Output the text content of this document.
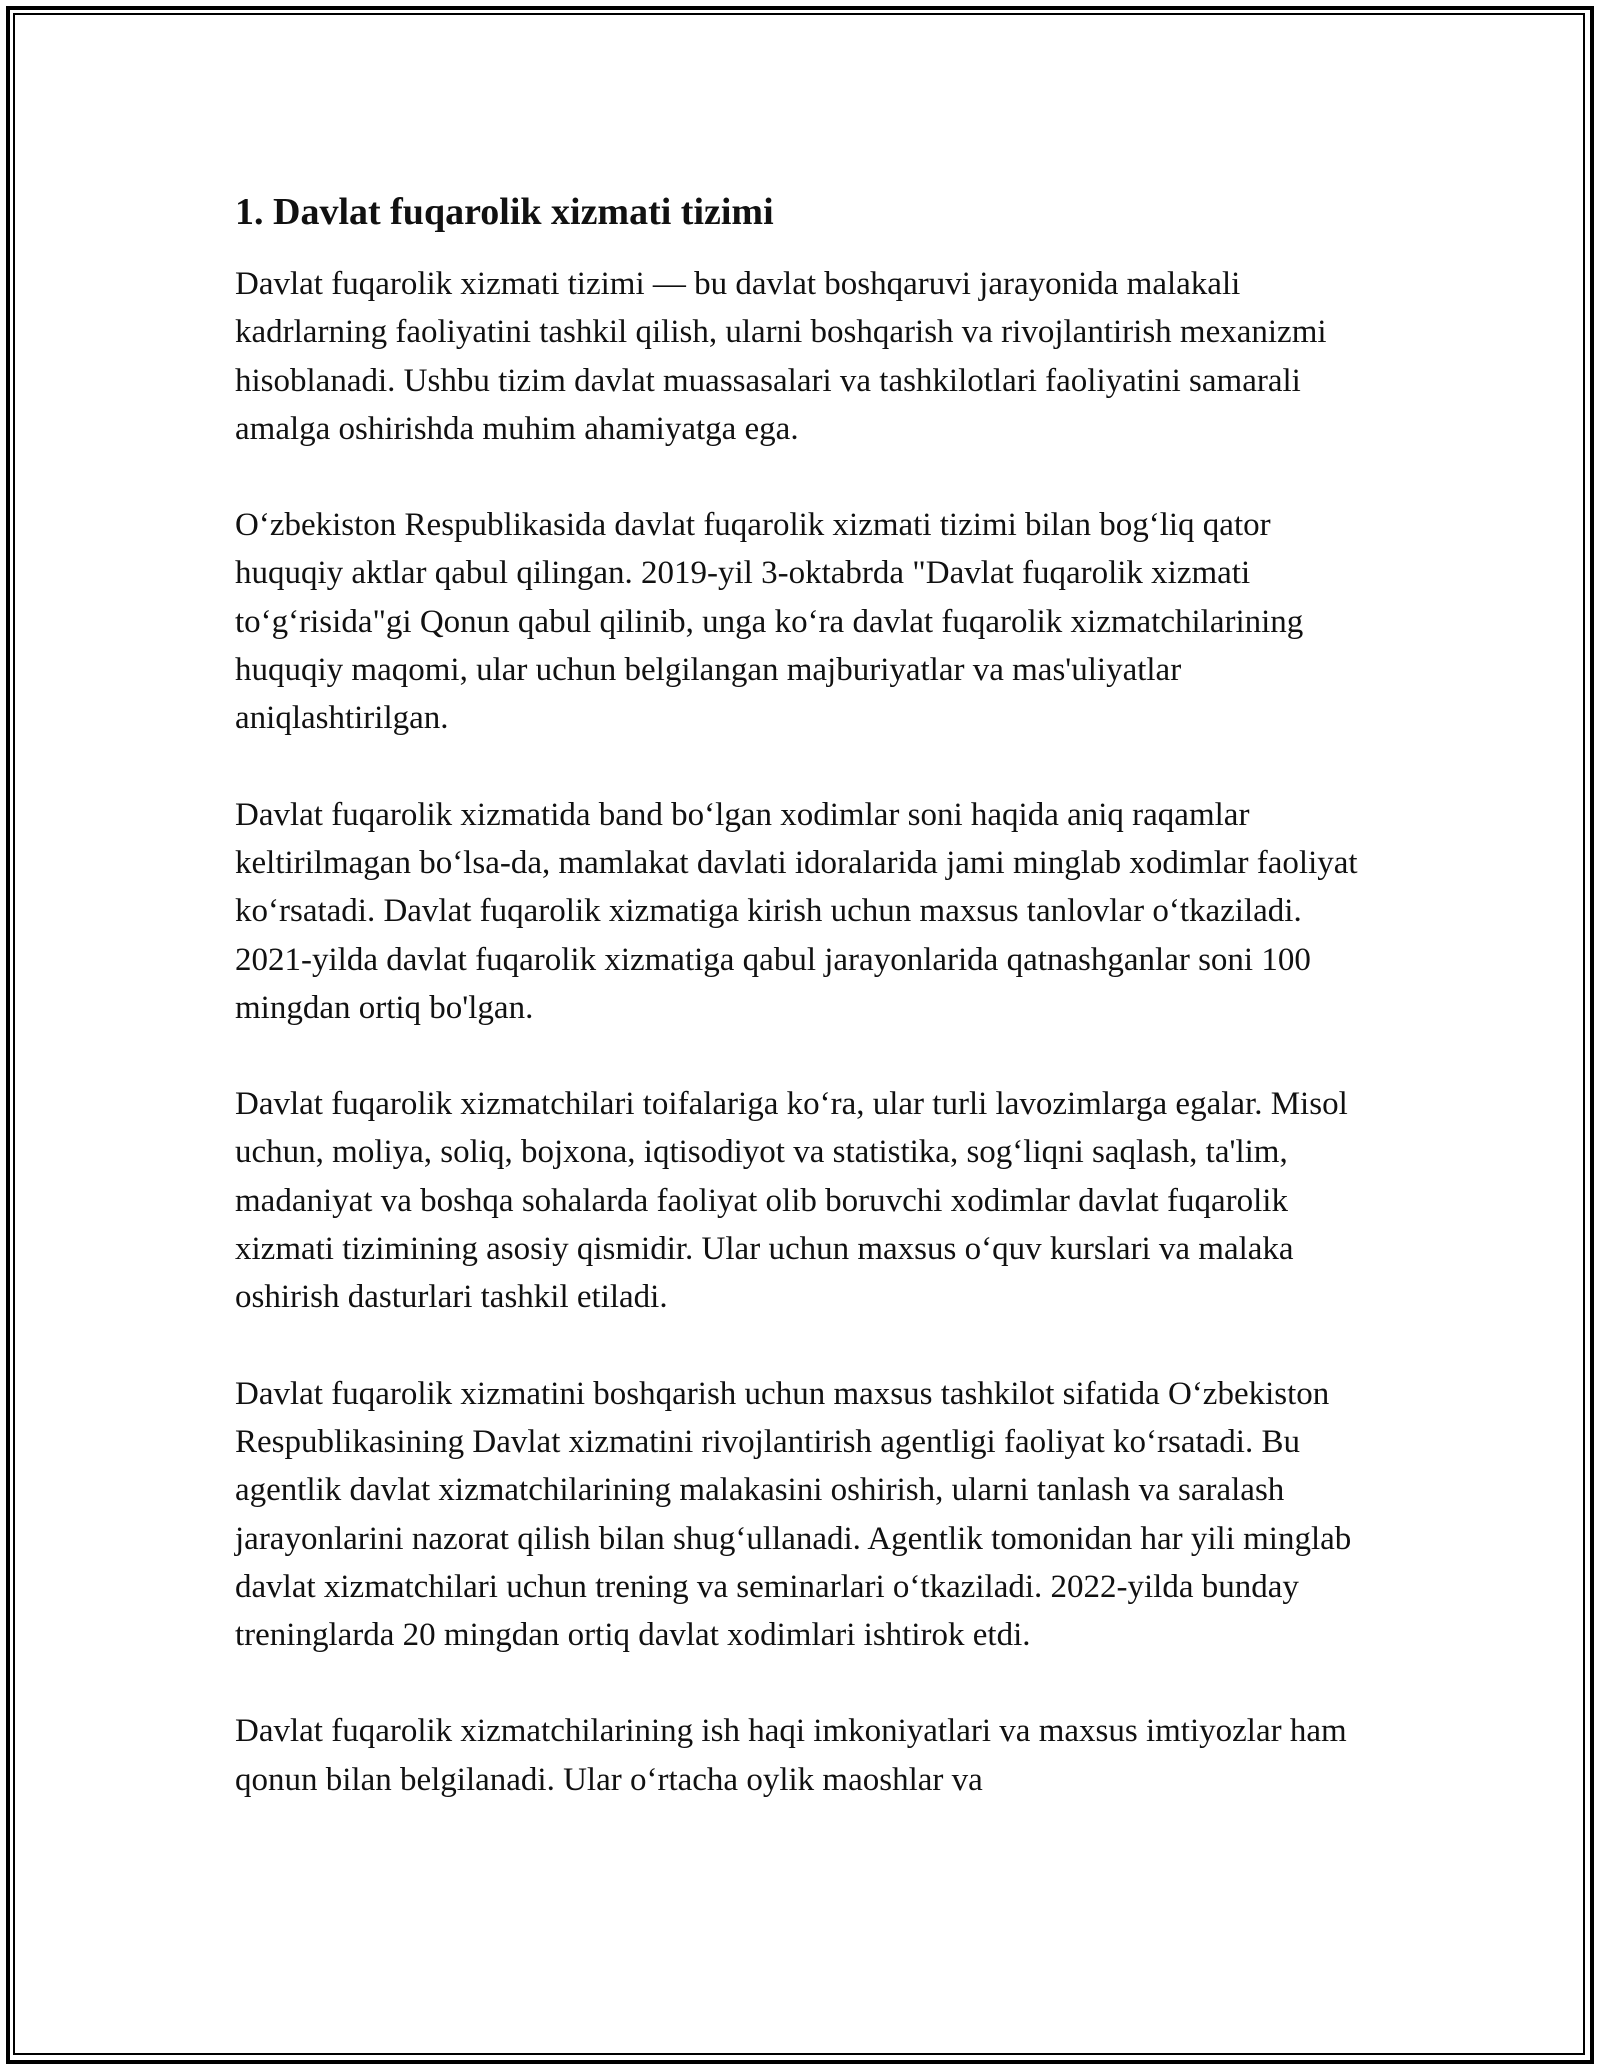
1. Davlat fuqarolik xizmati tizimi

Davlat fuqarolik xizmati tizimi — bu davlat boshqaruvi jarayonida malakali kadrlarning faoliyatini tashkil qilish, ularni boshqarish va rivojlantirish mexanizmi hisoblanadi. Ushbu tizim davlat muassasalari va tashkilotlari faoliyatini samarali amalga oshirishda muhim ahamiyatga ega.

O‘zbekiston Respublikasida davlat fuqarolik xizmati tizimi bilan bog‘liq qator huquqiy aktlar qabul qilingan. 2019-yil 3-oktabrda "Davlat fuqarolik xizmati to‘g‘risida"gi Qonun qabul qilinib, unga ko‘ra davlat fuqarolik xizmatchilarining huquqiy maqomi, ular uchun belgilangan majburiyatlar va mas'uliyatlar aniqlashtirilgan.

Davlat fuqarolik xizmatida band bo‘lgan xodimlar soni haqida aniq raqamlar keltirilmagan bo‘lsa-da, mamlakat davlati idoralarida jami minglab xodimlar faoliyat ko‘rsatadi. Davlat fuqarolik xizmatiga kirish uchun maxsus tanlovlar o‘tkaziladi. 2021-yilda davlat fuqarolik xizmatiga qabul jarayonlarida qatnashganlar soni 100 mingdan ortiq bo'lgan.

Davlat fuqarolik xizmatchilari toifalariga ko‘ra, ular turli lavozimlarga egalar. Misol uchun, moliya, soliq, bojxona, iqtisodiyot va statistika, sog‘liqni saqlash, ta'lim, madaniyat va boshqa sohalarda faoliyat olib boruvchi xodimlar davlat fuqarolik xizmati tizimining asosiy qismidir. Ular uchun maxsus o‘quv kurslari va malaka oshirish dasturlari tashkil etiladi.

Davlat fuqarolik xizmatini boshqarish uchun maxsus tashkilot sifatida O‘zbekiston Respublikasining Davlat xizmatini rivojlantirish agentligi faoliyat ko‘rsatadi. Bu agentlik davlat xizmatchilarining malakasini oshirish, ularni tanlash va saralash jarayonlarini nazorat qilish bilan shug‘ullanadi. Agentlik tomonidan har yili minglab davlat xizmatchilari uchun trening va seminarlari o‘tkaziladi. 2022-yilda bunday treninglarda 20 mingdan ortiq davlat xodimlari ishtirok etdi.

Davlat fuqarolik xizmatchilarining ish haqi imkoniyatlari va maxsus imtiyozlar ham qonun bilan belgilanadi. Ular o‘rtacha oylik maoshlar va
